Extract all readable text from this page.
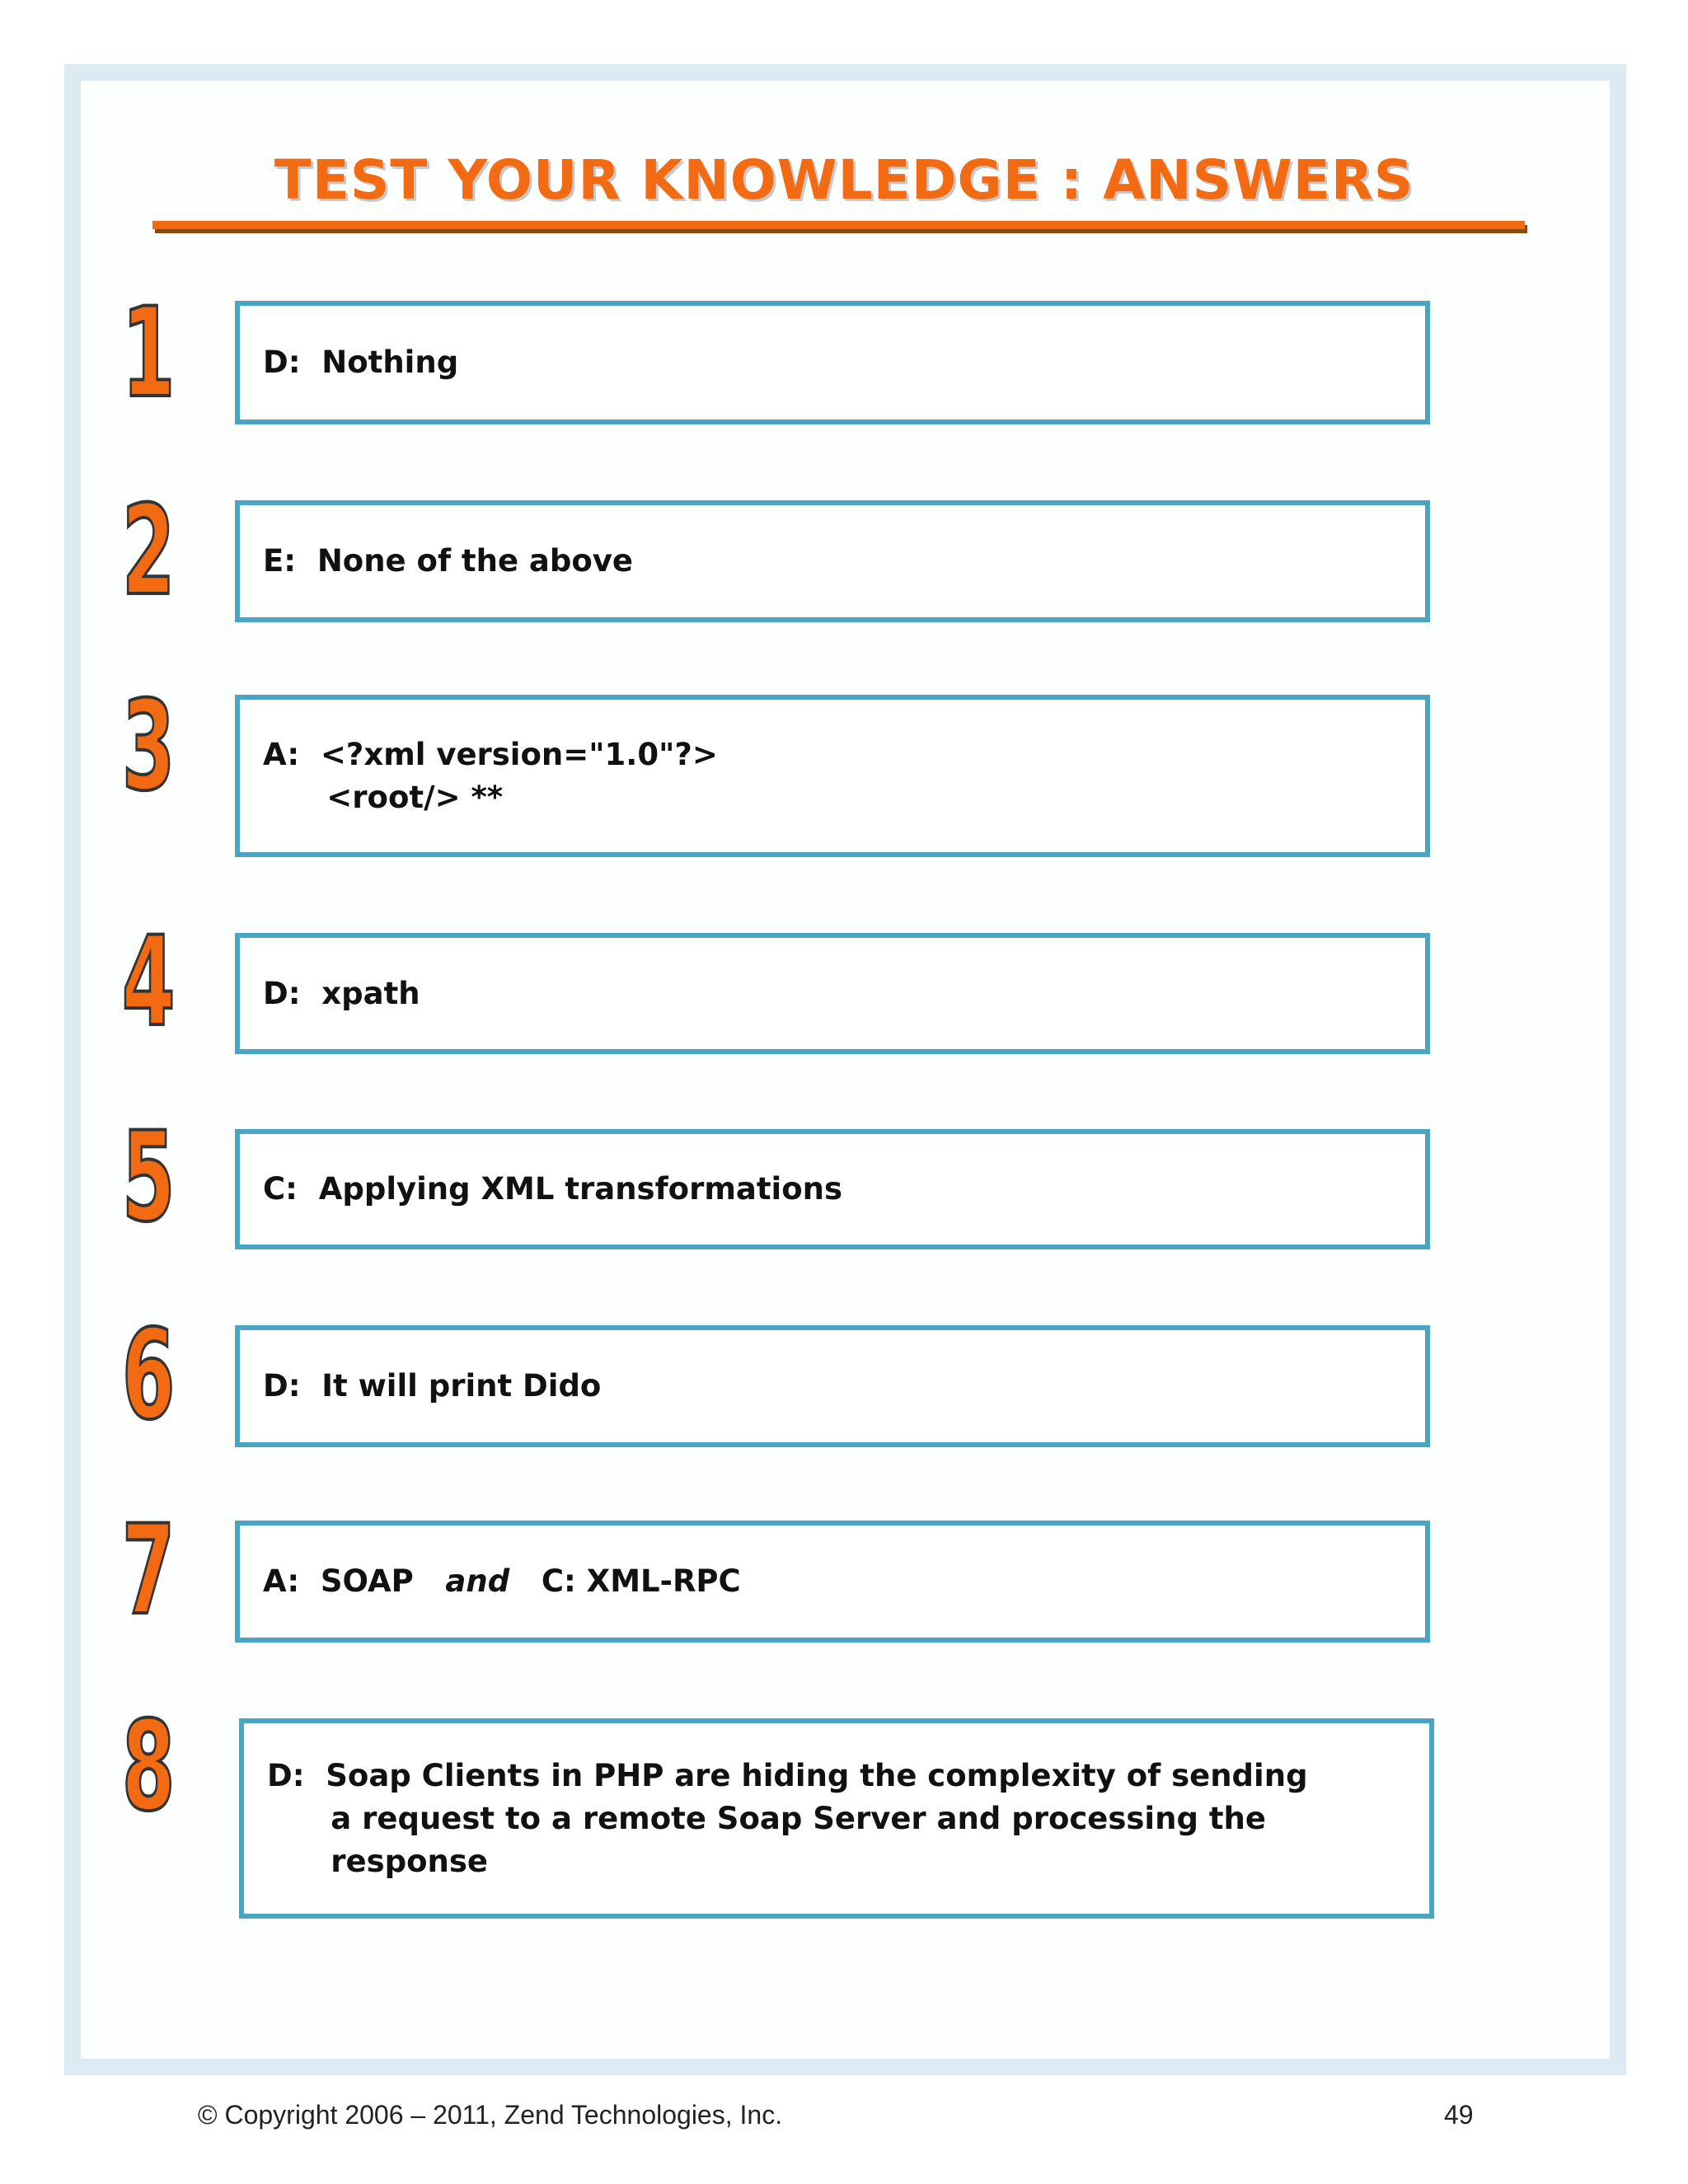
TEST YOUR KNOWLEDGE : ANSWERS
1	D:  Nothing
2	E:  None of the above
3	A:  <?xml version="1.0"?>
<root/> **
4	D:  xpath
5	C:  Applying XML transformations
6	D:  It will print Dido
7	A:  SOAP   and   C: XML-RPC
8	D:  Soap Clients in PHP are hiding the complexity of sending
a request to a remote Soap Server and processing the
response
© Copyright 2006 – 2011, Zend Technologies, Inc.	49
